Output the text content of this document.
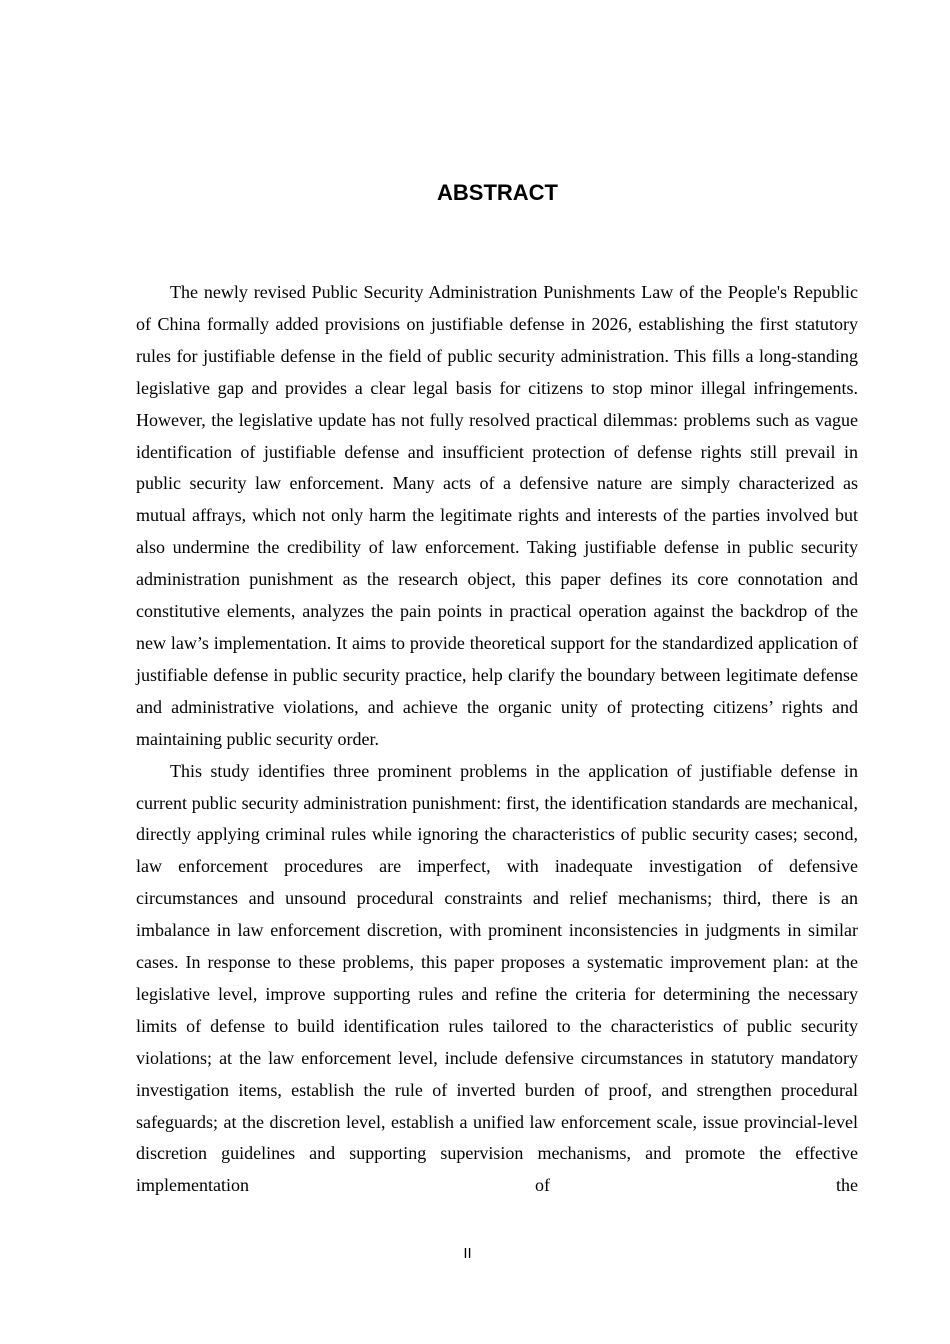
ABSTRACT

The newly revised Public Security Administration Punishments Law of the People's Republic of China formally added provisions on justifiable defense in 2026, establishing the first statutory rules for justifiable defense in the field of public security administration. This fills a long-standing legislative gap and provides a clear legal basis for citizens to stop minor illegal infringements. However, the legislative update has not fully resolved practical dilemmas: problems such as vague identification of justifiable defense and insufficient protection of defense rights still prevail in public security law enforcement. Many acts of a defensive nature are simply characterized as mutual affrays, which not only harm the legitimate rights and interests of the parties involved but also undermine the credibility of law enforcement. Taking justifiable defense in public security administration punishment as the research object, this paper defines its core connotation and constitutive elements, analyzes the pain points in practical operation against the backdrop of the new law’s implementation. It aims to provide theoretical support for the standardized application of justifiable defense in public security practice, help clarify the boundary between legitimate defense and administrative violations, and achieve the organic unity of protecting citizens’ rights and maintaining public security order.

This study identifies three prominent problems in the application of justifiable defense in current public security administration punishment: first, the identification standards are mechanical, directly applying criminal rules while ignoring the characteristics of public security cases; second, law enforcement procedures are imperfect, with inadequate investigation of defensive circumstances and unsound procedural constraints and relief mechanisms; third, there is an imbalance in law enforcement discretion, with prominent inconsistencies in judgments in similar cases. In response to these problems, this paper proposes a systematic improvement plan: at the legislative level, improve supporting rules and refine the criteria for determining the necessary limits of defense to build identification rules tailored to the characteristics of public security violations; at the law enforcement level, include defensive circumstances in statutory mandatory investigation items, establish the rule of inverted burden of proof, and strengthen procedural safeguards; at the discretion level, establish a unified law enforcement scale, issue provincial-level discretion guidelines and supporting supervision mechanisms, and promote the effective implementation of the

II
